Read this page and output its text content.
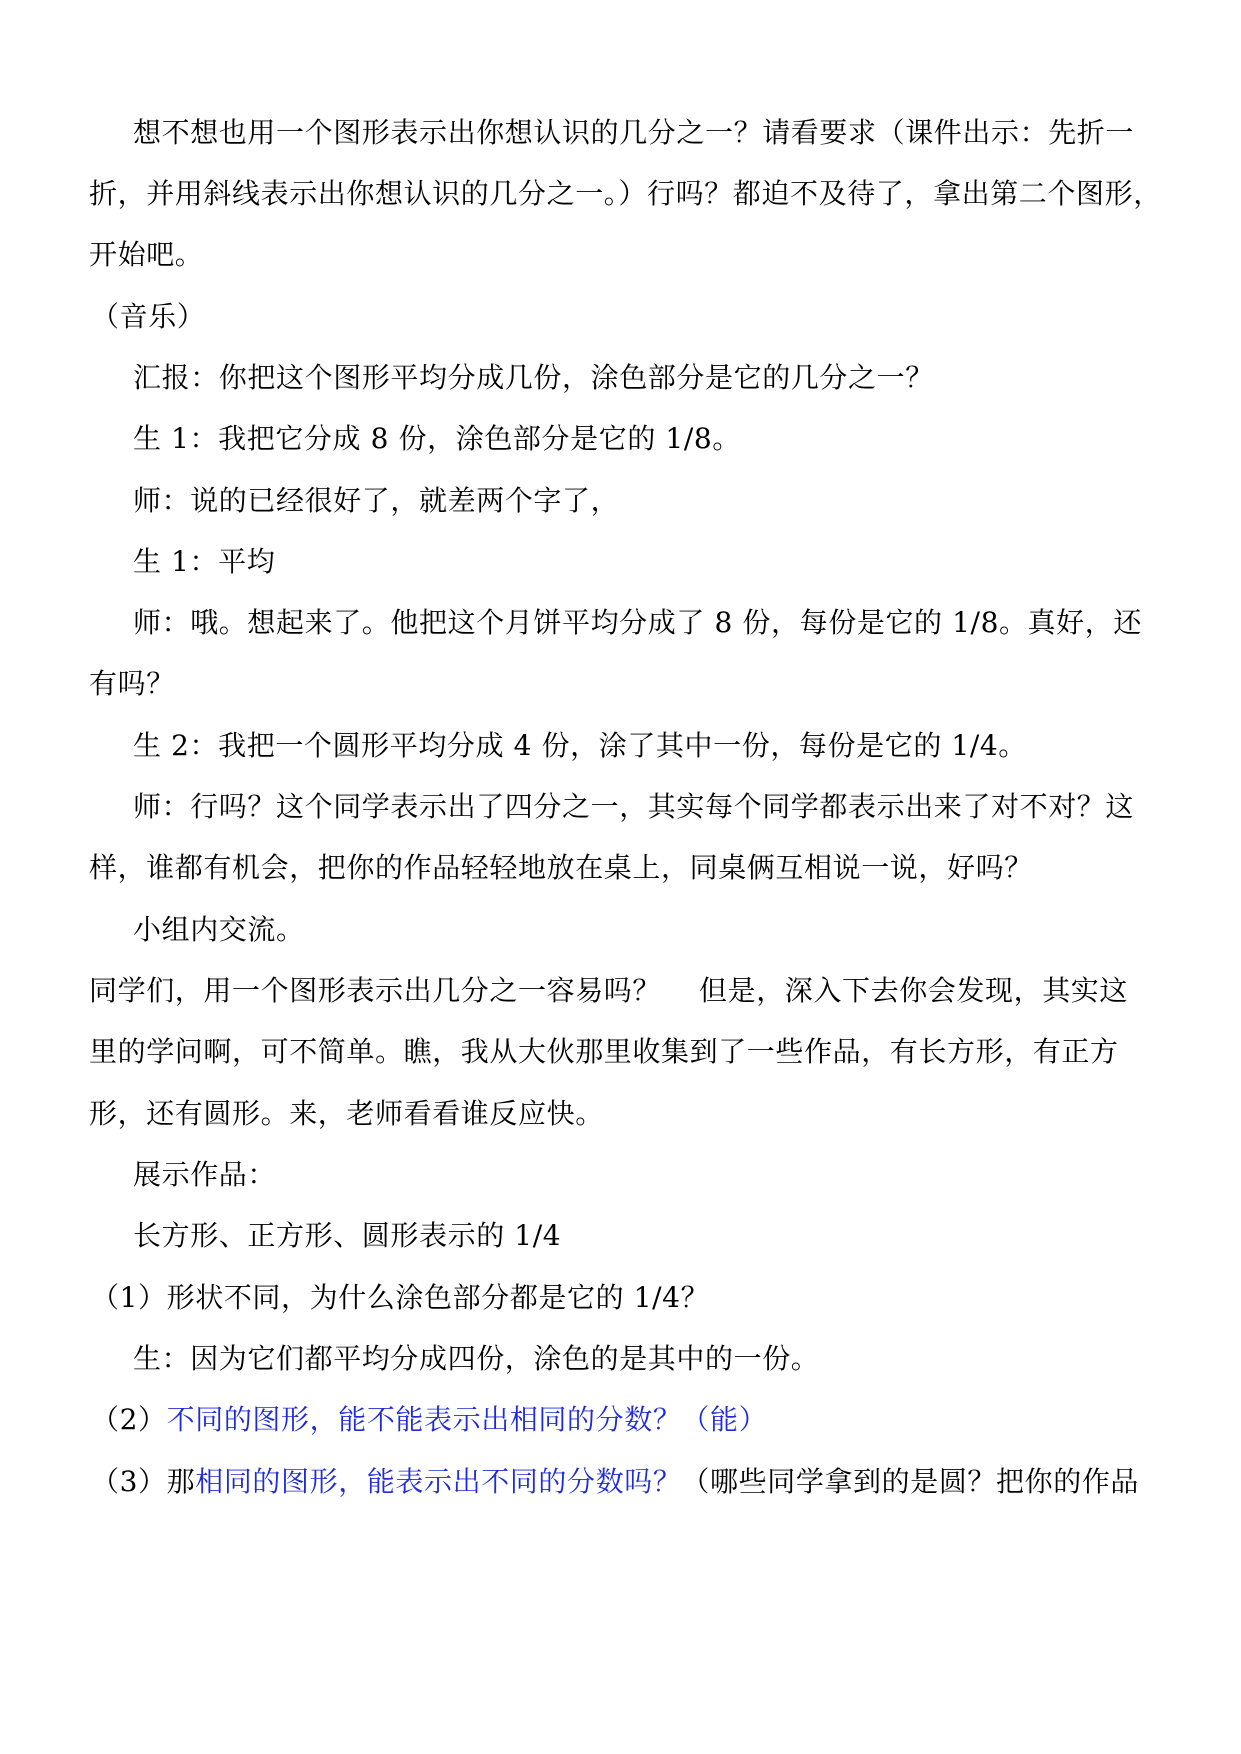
想不想也用一个图形表示出你想认识的几分之一？请看要求（课件出示：先折一
折，并用斜线表示出你想认识的几分之一。）行吗？都迫不及待了，拿出第二个图形，
开始吧。
（音乐）
汇报：你把这个图形平均分成几份，涂色部分是它的几分之一？
生 1：我把它分成 8 份，涂色部分是它的 1/8。
师：说的已经很好了，就差两个字了，
生 1：平均
师：哦。想起来了。他把这个月饼平均分成了 8 份，每份是它的 1/8。真好，还
有吗？
生 2：我把一个圆形平均分成 4 份，涂了其中一份，每份是它的 1/4。
师：行吗？这个同学表示出了四分之一，其实每个同学都表示出来了对不对？这
样，谁都有机会，把你的作品轻轻地放在桌上，同桌俩互相说一说，好吗？
小组内交流。
同学们，用一个图形表示出几分之一容易吗？    但是，深入下去你会发现，其实这
里的学问啊，可不简单。瞧，我从大伙那里收集到了一些作品，有长方形，有正方
形，还有圆形。来，老师看看谁反应快。
展示作品：
长方形、正方形、圆形表示的 1/4
（1）形状不同，为什么涂色部分都是它的 1/4？
生：因为它们都平均分成四份，涂色的是其中的一份。
（2）不同的图形，能不能表示出相同的分数？（能）
（3）那相同的图形，能表示出不同的分数吗？（哪些同学拿到的是圆？把你的作品
